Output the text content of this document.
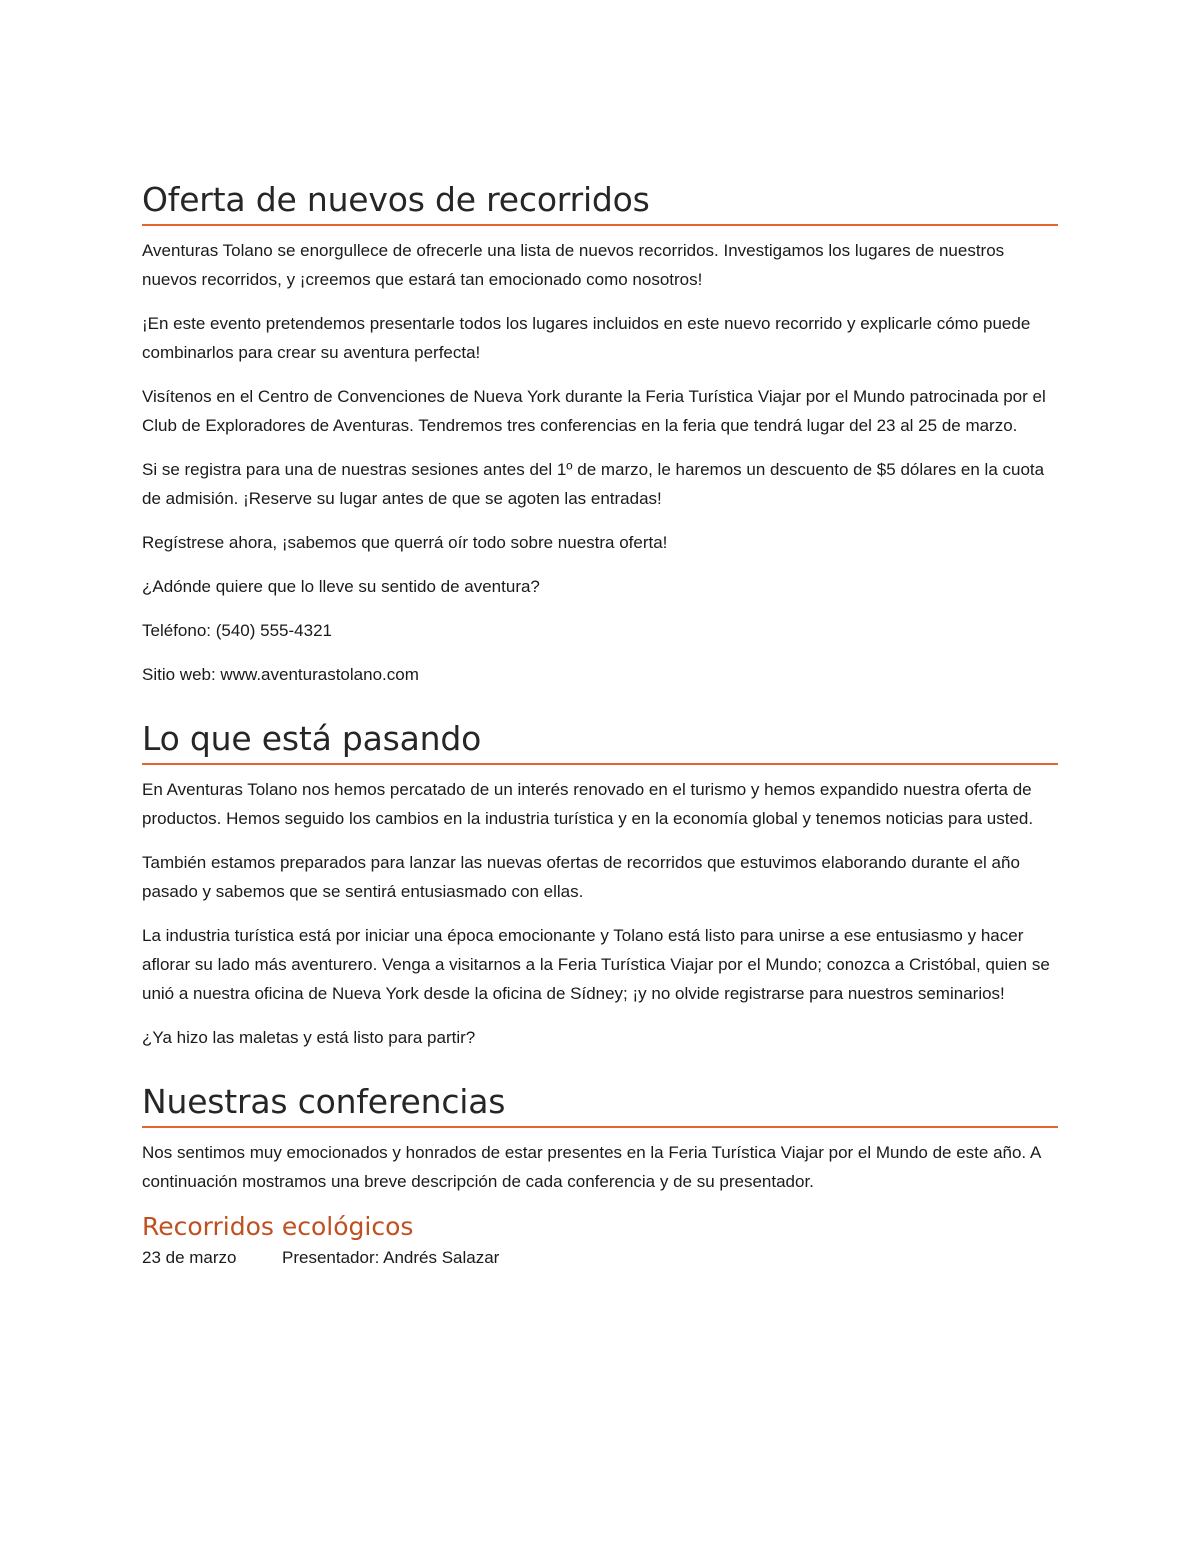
Oferta de nuevos de recorridos

Aventuras Tolano se enorgullece de ofrecerle una lista de nuevos recorridos. Investigamos los lugares de nuestros nuevos recorridos, y ¡creemos que estará tan emocionado como nosotros!

¡En este evento pretendemos presentarle todos los lugares incluidos en este nuevo recorrido y explicarle cómo puede combinarlos para crear su aventura perfecta!

Visítenos en el Centro de Convenciones de Nueva York durante la Feria Turística Viajar por el Mundo patrocinada por el Club de Exploradores de Aventuras. Tendremos tres conferencias en la feria que tendrá lugar del 23 al 25 de marzo.

Si se registra para una de nuestras sesiones antes del 1º de marzo, le haremos un descuento de $5 dólares en la cuota de admisión. ¡Reserve su lugar antes de que se agoten las entradas!

Regístrese ahora, ¡sabemos que querrá oír todo sobre nuestra oferta!

¿Adónde quiere que lo lleve su sentido de aventura?

Teléfono: (540) 555-4321

Sitio web: www.aventurastolano.com

Lo que está pasando

En Aventuras Tolano nos hemos percatado de un interés renovado en el turismo y hemos expandido nuestra oferta de productos. Hemos seguido los cambios en la industria turística y en la economía global y tenemos noticias para usted.

También estamos preparados para lanzar las nuevas ofertas de recorridos que estuvimos elaborando durante el año pasado y sabemos que se sentirá entusiasmado con ellas.

La industria turística está por iniciar una época emocionante y Tolano está listo para unirse a ese entusiasmo y hacer aflorar su lado más aventurero. Venga a visitarnos a la Feria Turística Viajar por el Mundo; conozca a Cristóbal, quien se unió a nuestra oficina de Nueva York desde la oficina de Sídney; ¡y no olvide registrarse para nuestros seminarios!

¿Ya hizo las maletas y está listo para partir?

Nuestras conferencias

Nos sentimos muy emocionados y honrados de estar presentes en la Feria Turística Viajar por el Mundo de este año. A continuación mostramos una breve descripción de cada conferencia y de su presentador.

Recorridos ecológicos
23 de marzo	Presentador: Andrés Salazar
